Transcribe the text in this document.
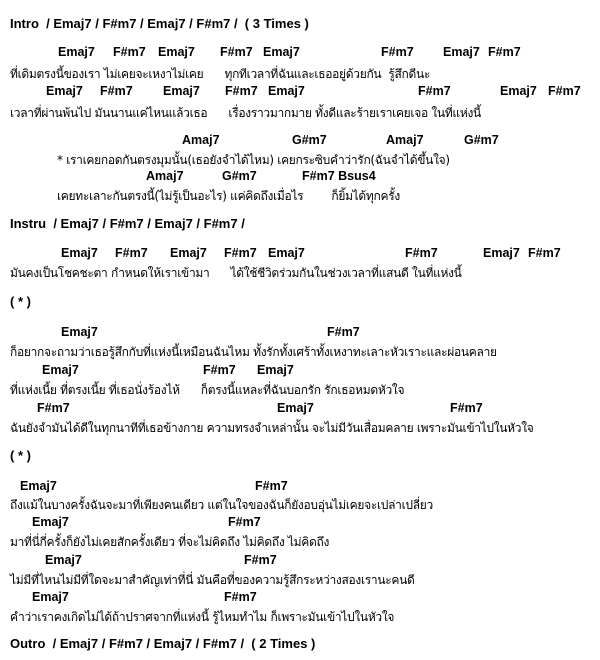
Intro  / Emaj7 / F#m7 / Emaj7 / F#m7 /  ( 3 Times )
Emaj7 F#m7 Emaj7 F#m7 Emaj7	F#m7 Emaj7 F#m7
ที่เดิมตรงนี้ของเรา ไม่เคยจะเหงาไม่เคย      ทุกทีเวลาที่ฉันและเธออยู่ด้วยกัน  รู้สึกดีนะ
Emaj7 F#m7 Emaj7 F#m7 Emaj7	F#m7	Emaj7 F#m7
เวลาที่ผ่านพ้นไป มันนานแค่ไหนแล้วเธอ      เรื่องราวมากมาย ทั้งดีและร้ายเราเคยเจอ ในที่แห่งนี้
Amaj7	G#m7	Amaj7	G#m7
* เราเคยกอดกันตรงมุมนั้น(เธอยังจำได้ไหม) เคยกระซิบคำว่ารัก(ฉันจำได้ขึ้นใจ)
Amaj7	G#m7	F#m7 Bsus4
เคยทะเลาะกันตรงนี้(ไม่รู้เป็นอะไร) แค่คิดถึงเมื่อไร        ก็ยิ้มได้ทุกครั้ง
Instru  / Emaj7 / F#m7 / Emaj7 / F#m7 /
Emaj7 F#m7 Emaj7 F#m7 Emaj7	F#m7	Emaj7 F#m7
มันคงเป็นโชคชะตา กำหนดให้เราเข้ามา      ได้ใช้ชีวิตร่วมกันในช่วงเวลาที่แสนดี ในที่แห่งนี้
( * )
Emaj7	F#m7
ก็อยากจะถามว่าเธอรู้สึกกับที่แห่งนี้เหมือนฉันไหม ทั้งรักทั้งเศร้าทั้งเหงาทะเลาะหัวเราะและผ่อนคลาย
Emaj7	F#m7 Emaj7
ที่แห่งเนี้ย ที่ตรงเนี้ย ที่เธอนั่งร้องไห้      ก็ตรงนี้แหละที่ฉันบอกรัก รักเธอหมดหัวใจ
F#m7	Emaj7	F#m7
ฉันยังจำมันได้ดีในทุกนาทีที่เธอข้างกาย ความทรงจำเหล่านั้น จะไม่มีวันเสื่อมคลาย เพราะมันเข้าไปในหัวใจ
( * )
Emaj7	F#m7
ถึงแม้ในบางครั้งฉันจะมาที่เพียงคนเดียว แต่ในใจของฉันก็ยังอบอุ่นไม่เคยจะเปล่าเปลี่ยว
Emaj7	F#m7
มาที่นี่กี่ครั้งก็ยังไม่เคยสักครั้งเดียว ที่จะไม่คิดถึง ไม่คิดถึง ไม่คิดถึง
Emaj7	F#m7
ไม่มีที่ไหนไม่มีที่ใดจะมาสำคัญเท่าที่นี่ มันคือที่ของความรู้สึกระหว่างสองเรานะคนดี
Emaj7	F#m7
คำว่าเราคงเกิดไม่ได้ถ้าปราศจากที่แห่งนี้ รู้ไหมทำไม ก็เพราะมันเข้าไปในหัวใจ
Outro  / Emaj7 / F#m7 / Emaj7 / F#m7 /  ( 2 Times )
